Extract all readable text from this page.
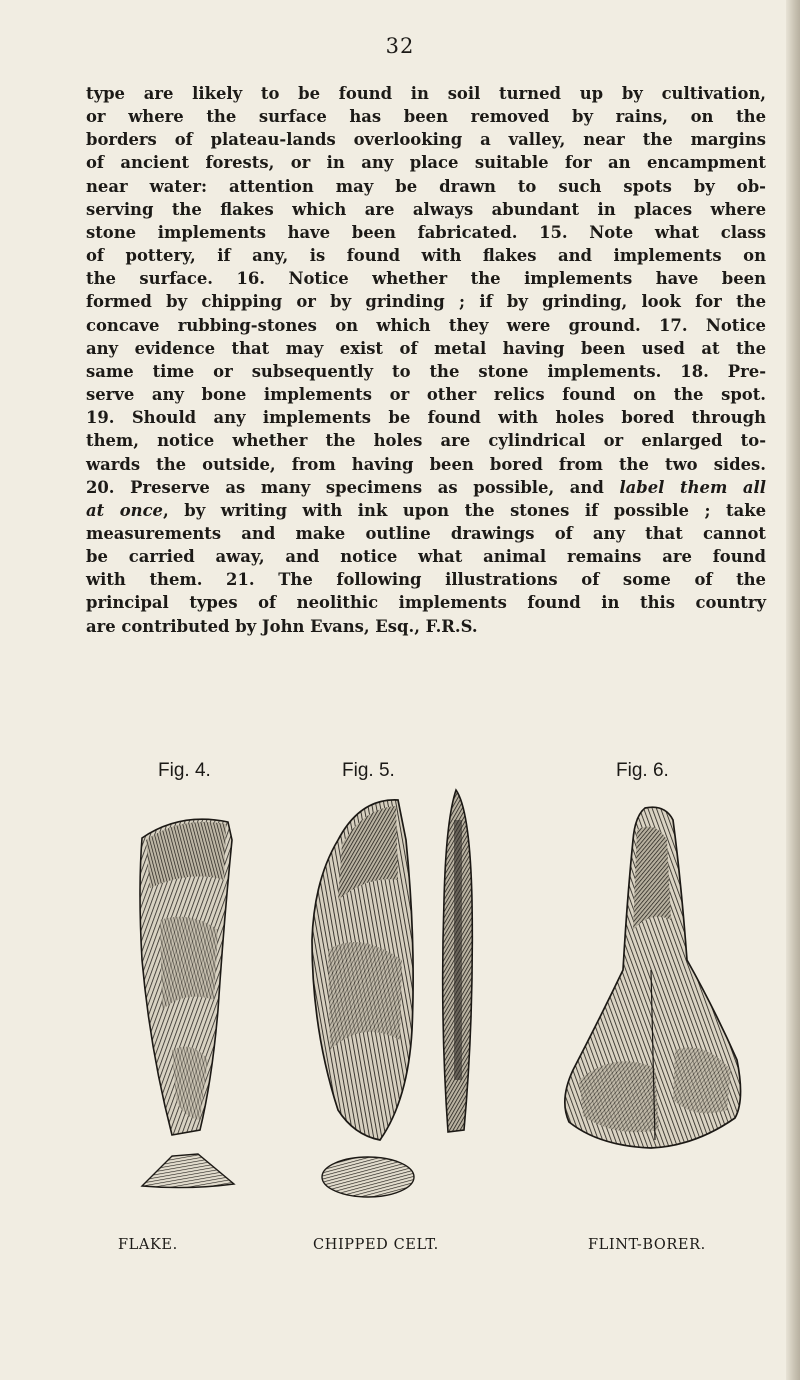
32
type are likely to be found in soil turned up by cultivation,
or where the surface has been removed by rains, on the
borders of plateau-lands overlooking a valley, near the margins
of ancient forests, or in any place suitable for an encampment
near water: attention may be drawn to such spots by ob-
serving the flakes which are always abundant in places where
stone implements have been fabricated. 15. Note what class
of pottery, if any, is found with flakes and implements on
the surface. 16. Notice whether the implements have been
formed by chipping or by grinding ; if by grinding, look for the
concave rubbing-stones on which they were ground. 17. Notice
any evidence that may exist of metal having been used at the
same time or subsequently to the stone implements. 18. Pre-
serve any bone implements or other relics found on the spot.
19. Should any implements be found with holes bored through
them, notice whether the holes are cylindrical or enlarged to-
wards the outside, from having been bored from the two sides.
20. Preserve as many specimens as possible, and label them all
at once, by writing with ink upon the stones if possible ; take
measurements and make outline drawings of any that cannot
be carried away, and notice what animal remains are found
with them. 21. The following illustrations of some of the
principal types of neolithic implements found in this country
are contributed by John Evans, Esq., F.R.S.
Fig. 4.	Fig. 5.	Fig. 6.
FLAKE.	CHIPPED CELT.	FLINT-BORER.
